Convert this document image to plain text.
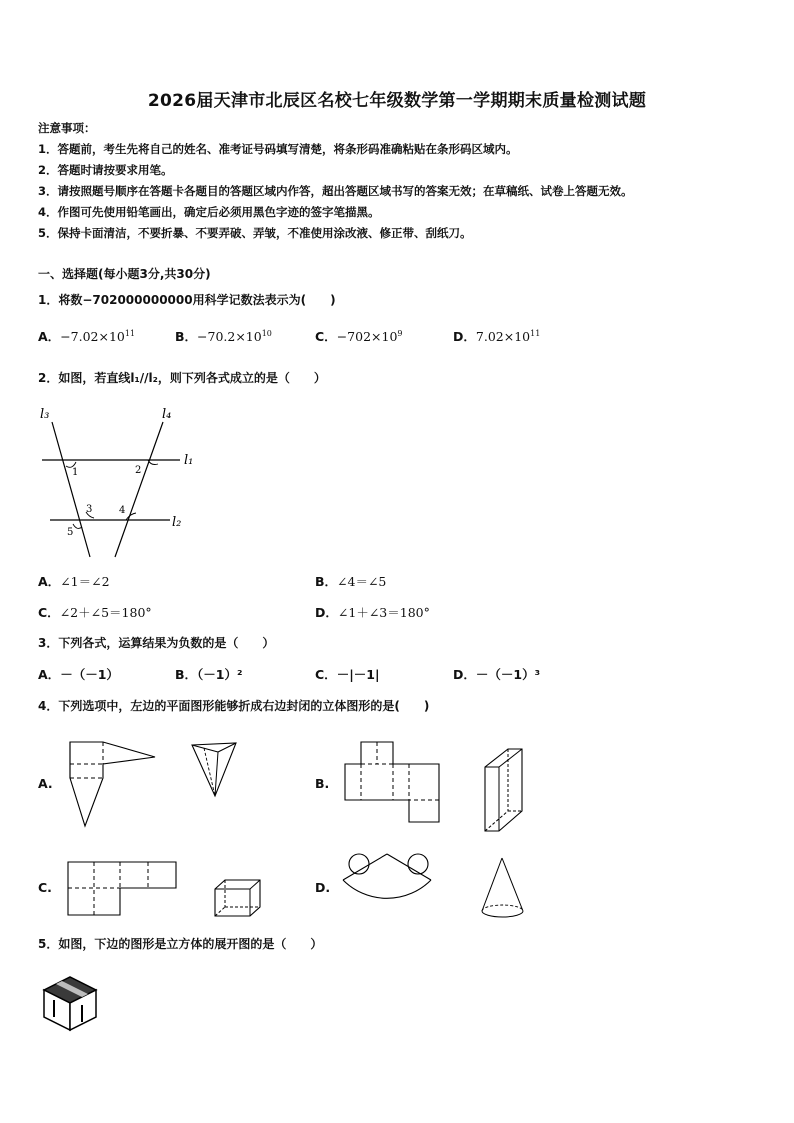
2026届天津市北辰区名校七年级数学第一学期期末质量检测试题
注意事项：
1．答题前，考生先将自己的姓名、准考证号码填写清楚，将条形码准确粘贴在条形码区域内。
2．答题时请按要求用笔。
3．请按照题号顺序在答题卡各题目的答题区域内作答，超出答题区域书写的答案无效；在草稿纸、试卷上答题无效。
4．作图可先使用铅笔画出，确定后必须用黑色字迹的签字笔描黑。
5．保持卡面清洁，不要折暴、不要弄破、弄皱，不准使用涂改液、修正带、刮纸刀。
一、选择题(每小题3分,共30分)
1．将数−702000000000用科学记数法表示为(　　)
A．$-7.02\times 10^{11}$	B．$-70.2\times 10^{10}$	C．$-702\times 10^9$	D．$7.02\times 10^{11}$
2．如图，若直线l₁//l₂，则下列各式成立的是（　　）
l₃	l₄
l₁
l₂
1	2
3	4
5
A．∠1＝∠2	B．∠4＝∠5
C．∠2＋∠5＝180°	D．∠1＋∠3＝180°
3．下列各式，运算结果为负数的是（　　）
A．－（－1）	B．（－1）²	C．－|－1|	D．－（－1）³
4．下列选项中，左边的平面图形能够折成右边封闭的立体图形的是(　　)
A.	B.
C.	D.
5．如图，下边的图形是立方体的展开图的是（　　）
